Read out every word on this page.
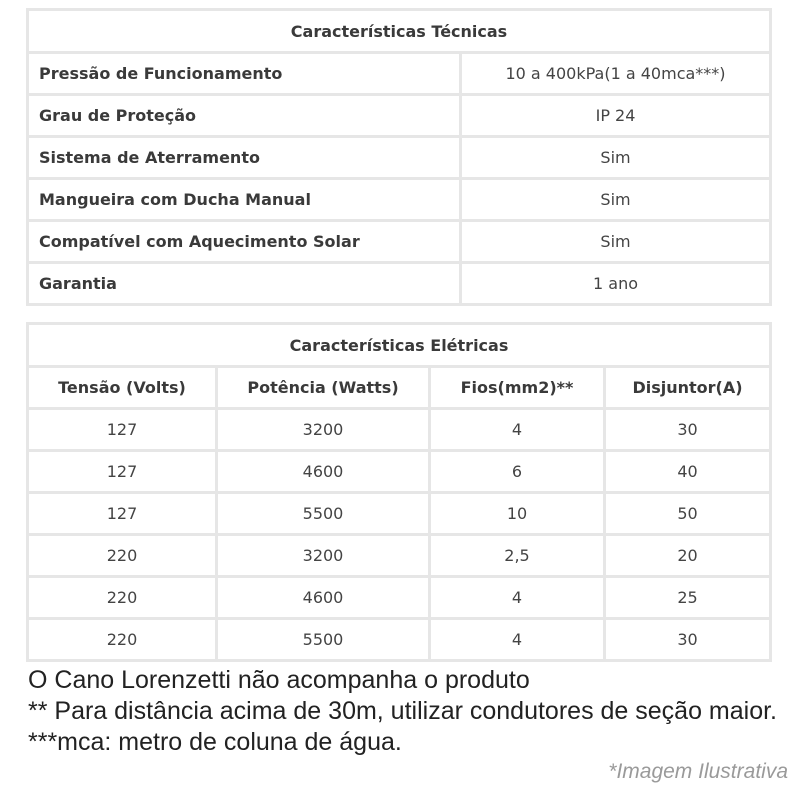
Características Técnicas	
Pressão de Funcionamento	10 a 400kPa(1 a 40mca***)
Grau de Proteção	IP 24
Sistema de Aterramento	Sim
Mangueira com Ducha Manual	Sim
Compatível com Aquecimento Solar	Sim
Garantia	1 ano
Características Elétricas			
Tensão (Volts)	Potência (Watts)	Fios(mm2)**	Disjuntor(A)
127	3200	4	30
127	4600	6	40
127	5500	10	50
220	3200	2,5	20
220	4600	4	25
220	5500	4	30

O Cano Lorenzetti não acompanha o produto

** Para distância acima de 30m, utilizar condutores de seção maior.

***mca: metro de coluna de água.

*Imagem Ilustrativa
